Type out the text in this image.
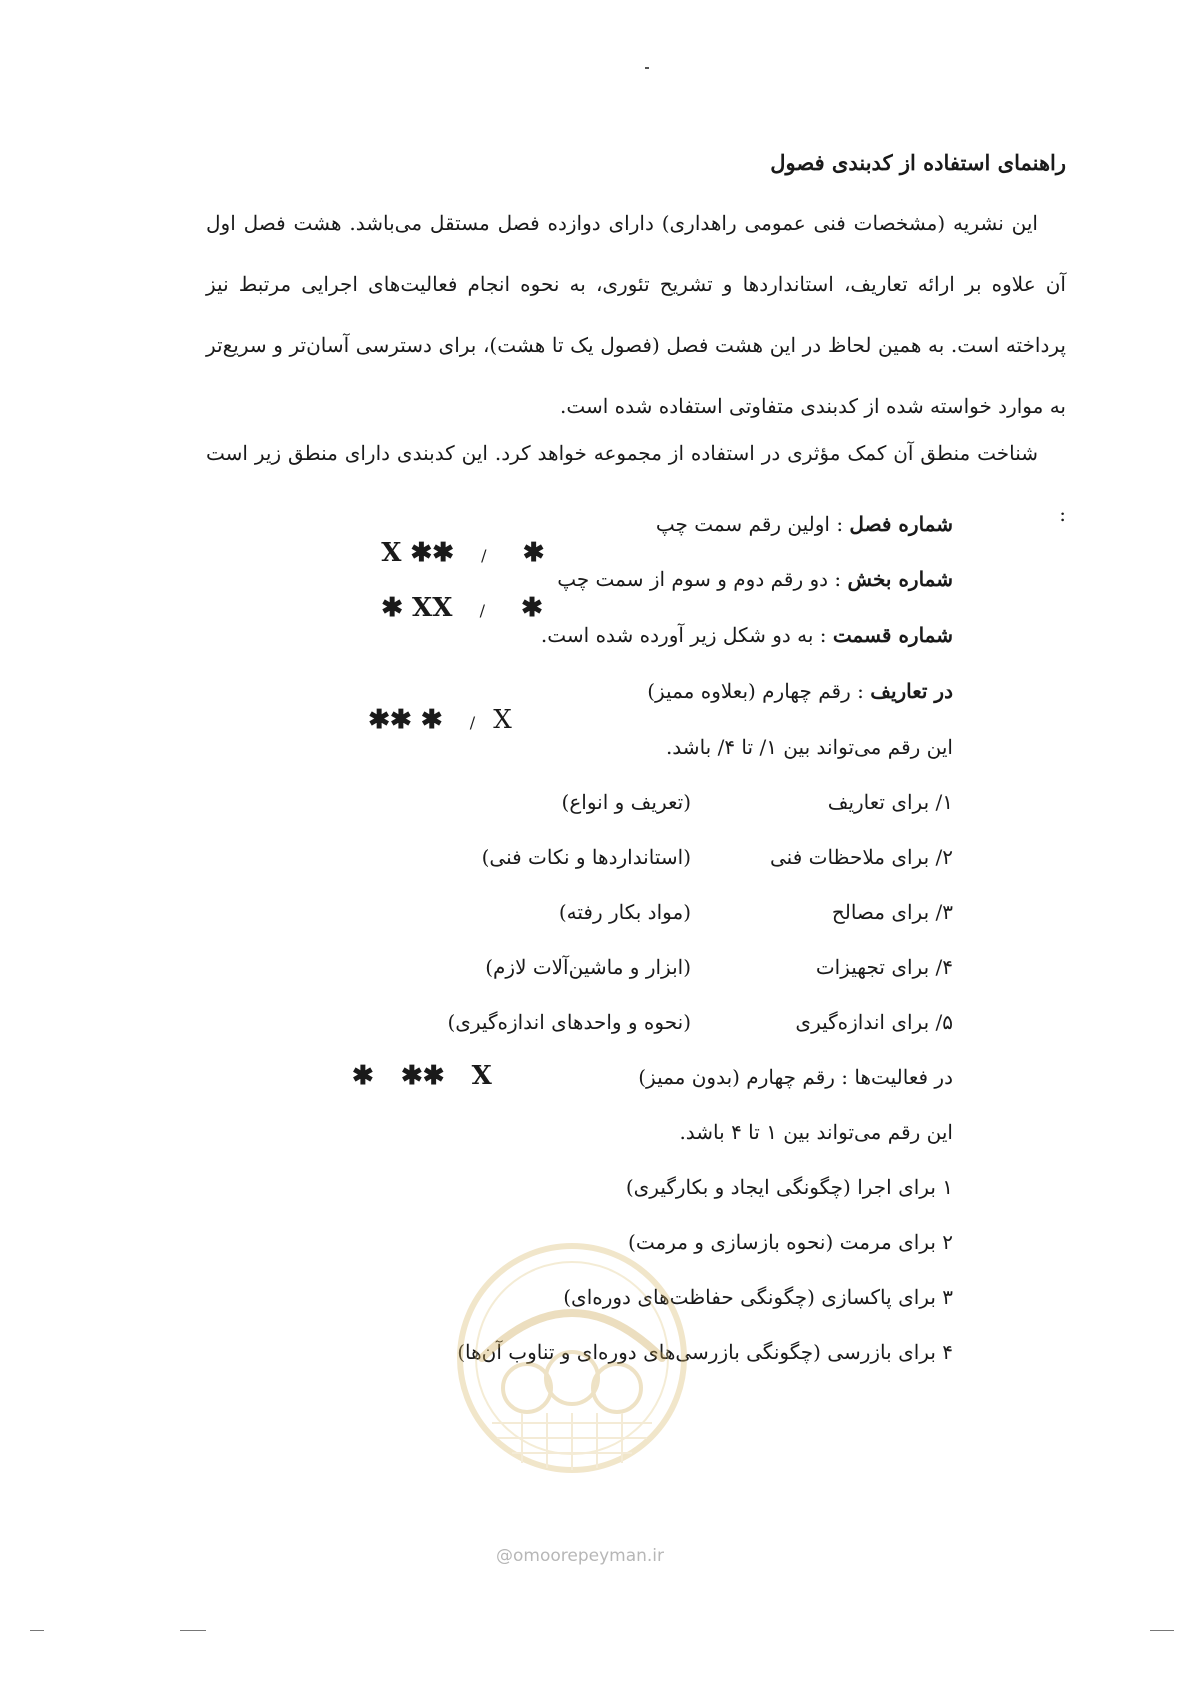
راهنمای استفاده از کدبندی فصول
این نشریه (مشخصات فنی عمومی راهداری) دارای دوازده فصل مستقل می‌باشد. هشت فصل اول آن علاوه بر ارائه تعاریف، استانداردها و تشریح تئوری، به نحوه انجام فعالیت‌های اجرایی مرتبط نیز پرداخته است. به همین لحاظ در این هشت فصل (فصول یک تا هشت)، برای دسترسی آسان‌تر و سریع‌تر به موارد خواسته شده از کدبندی متفاوتی استفاده شده است.
شناخت منطق آن کمک مؤثری در استفاده از مجموعه خواهد کرد. این کدبندی دارای منطق زیر است :
شماره فصل : اولین رقم سمت چپ

X ✱✱ / ✱

شماره بخش : دو رقم دوم و سوم از سمت چپ

✱ XX / ✱

شماره قسمت : به دو شکل زیر آورده شده است.
در تعاریف : رقم چهارم (بعلاوه ممیز)

✱✱ ✱ / X

این رقم می‌تواند بین ۱/ تا ۴/ باشد.
۱/ برای تعاریف
(تعریف و انواع)
۲/ برای ملاحظات فنی
(استانداردها و نکات فنی)
۳/ برای مصالح
(مواد بکار رفته)
۴/ برای تجهیزات
(ابزار و ماشین‌آلات لازم)
۵/ برای اندازه‌گیری
(نحوه و واحدهای اندازه‌گیری)
در فعالیت‌ها : رقم چهارم (بدون ممیز)
✱   ✱✱   X
این رقم می‌تواند بین ۱ تا ۴ باشد.
۱ برای اجرا (چگونگی ایجاد و بکارگیری)
۲ برای مرمت (نحوه بازسازی و مرمت)
۳ برای پاکسازی (چگونگی حفاظت‌های دوره‌ای)
۴ برای بازرسی (چگونگی بازرسی‌های دوره‌ای و تناوب آن‌ها)
@omoorepeyman.ir
